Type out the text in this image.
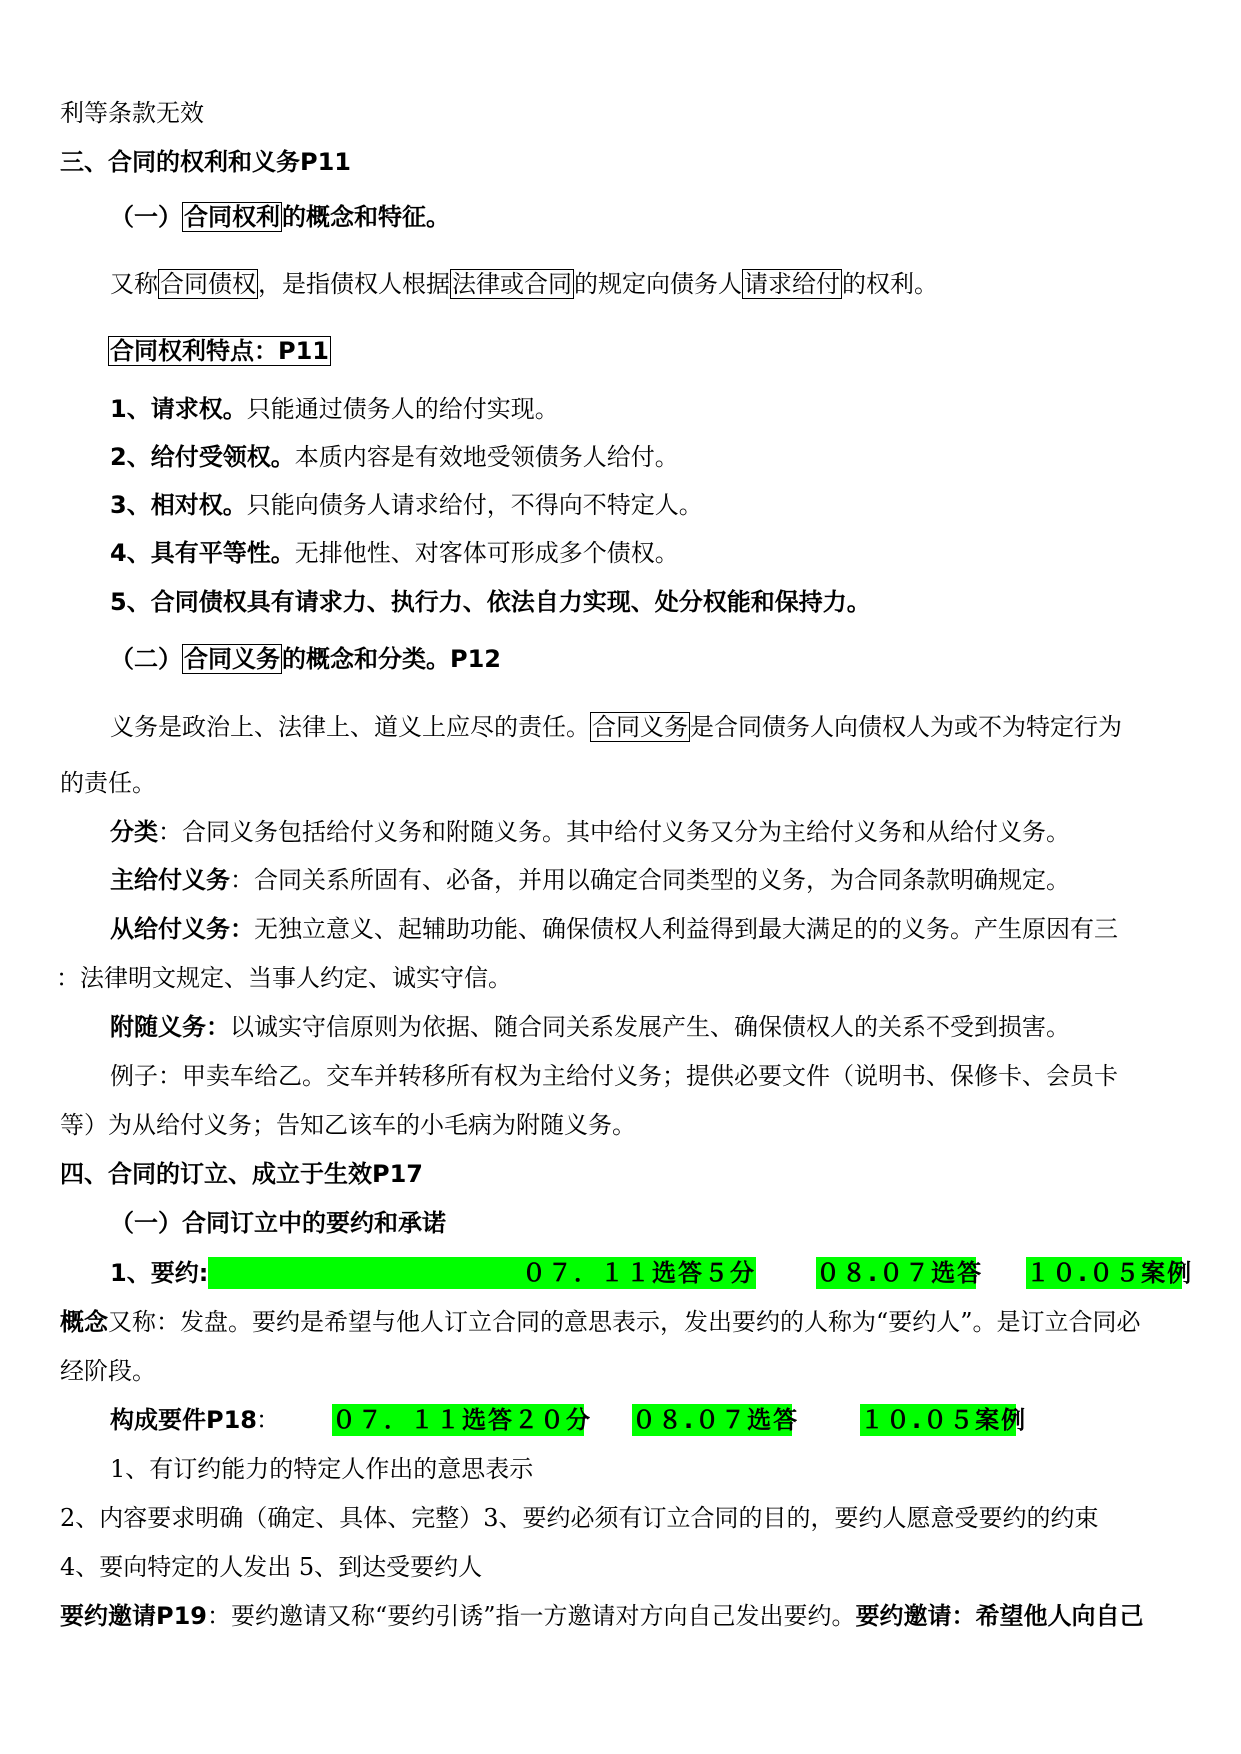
利等条款无效
三、合同的权利和义务P11
（一）合同权利的概念和特征。
又称合同债权，是指债权人根据法律或合同的规定向债务人请求给付的权利。
合同权利特点：P11
1、请求权。只能通过债务人的给付实现。
2、给付受领权。本质内容是有效地受领债务人给付。
3、相对权。只能向债务人请求给付，不得向不特定人。
4、具有平等性。无排他性、对客体可形成多个债权。
5、合同债权具有请求力、执行力、依法自力实现、处分权能和保持力。
（二）合同义务的概念和分类。P12
义务是政治上、法律上、道义上应尽的责任。合同义务是合同债务人向债权人为或不为特定行为
的责任。
分类：合同义务包括给付义务和附随义务。其中给付义务又分为主给付义务和从给付义务。
主给付义务：合同关系所固有、必备，并用以确定合同类型的义务，为合同条款明确规定。
从给付义务：无独立意义、起辅助功能、确保债权人利益得到最大满足的的义务。产生原因有三
：法律明文规定、当事人约定、诚实守信。
附随义务：以诚实守信原则为依据、随合同关系发展产生、确保债权人的关系不受到损害。
例子：甲卖车给乙。交车并转移所有权为主给付义务；提供必要文件（说明书、保修卡、会员卡
等）为从给付义务；告知乙该车的小毛病为附随义务。
四、合同的订立、成立于生效P17
（一）合同订立中的要约和承诺
1、要约:	０７．１１选答５分	０８.０７选答 １０.０５案例
概念又称：发盘。要约是希望与他人订立合同的意思表示，发出要约的人称为“要约人”。是订立合同必
经阶段。
构成要件P18 ： ０７．１１选答２０分 ０８.０７选答	１０.０５案例
1、有订约能力的特定人作出的意思表示
2、内容要求明确（确定、具体、完整）3、要约必须有订立合同的目的，要约人愿意受要约的约束
4、要向特定的人发出 5、到达受要约人
要约邀请P19：要约邀请又称“要约引诱”指一方邀请对方向自己发出要约。要约邀请：希望他人向自己
